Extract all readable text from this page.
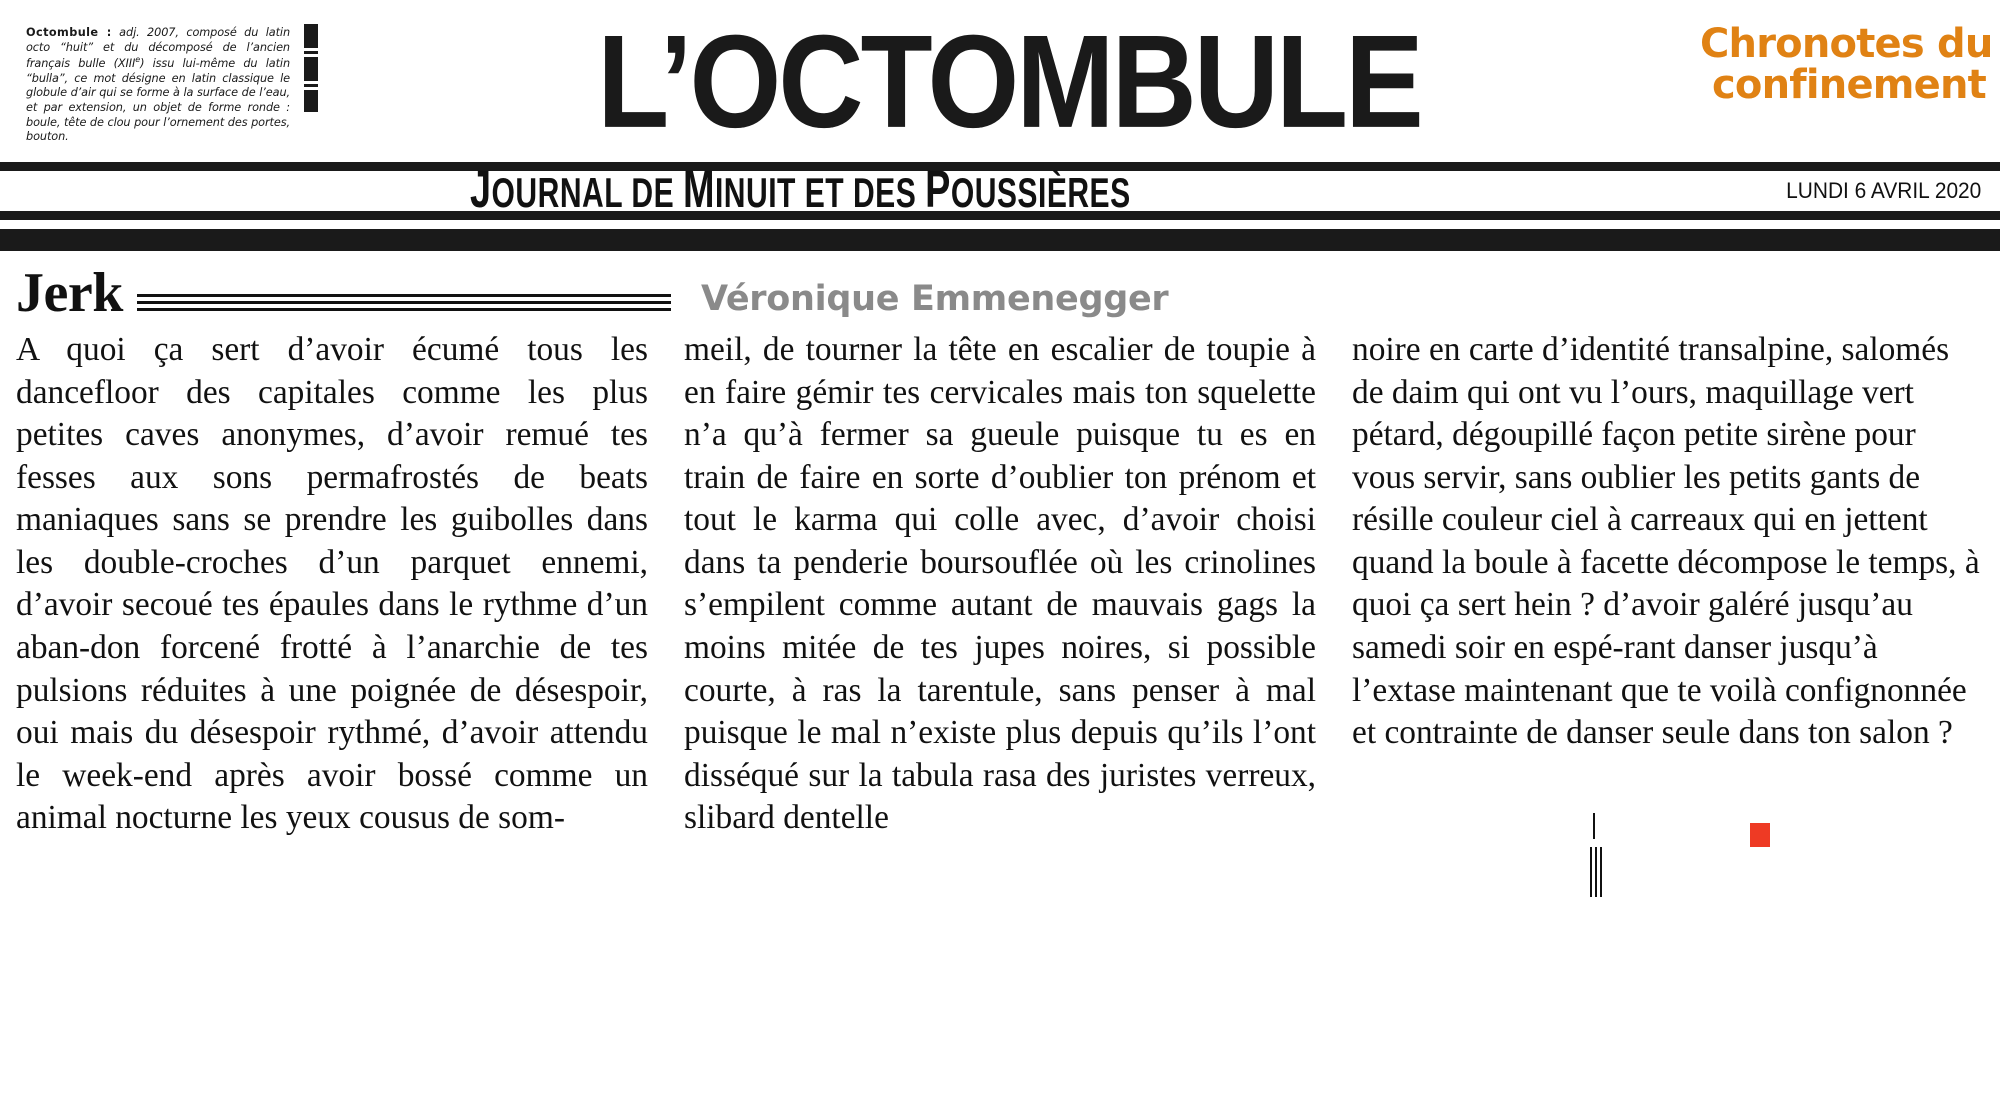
Octombule : adj. 2007, composé du latin octo “huit” et du décomposé de l’ancien français bulle (XIIIe) issu lui-même du latin “bulla”, ce mot désigne en latin classique le globule d’air qui se forme à la surface de l’eau, et par extension, un objet de forme ronde : boule, tête de clou pour l’ornement des portes, bouton.	L’OCTOMBULE	Chronotes du
confinement
JOURNAL DE MINUIT ET DES POUSSIÈRES	LUNDI 6 AVRIL 2020
Jerk	Véronique Emmenegger

A quoi ça sert d’avoir écumé tous les dancefloor des capitales comme les plus petites caves anonymes, d’avoir remué tes fesses aux sons permafrostés de beats maniaques sans se prendre les guibolles dans les double-croches d’un parquet ennemi, d’avoir secoué tes épaules dans le rythme d’un aban-don forcené frotté à l’anarchie de tes pulsions réduites à une poignée de désespoir, oui mais du désespoir rythmé, d’avoir attendu le week-end après avoir bossé comme un animal nocturne les yeux cousus de som-

meil, de tourner la tête en escalier de toupie à en faire gémir tes cervicales mais ton squelette n’a qu’à fermer sa gueule puisque tu es en train de faire en sorte d’oublier ton prénom et tout le karma qui colle avec, d’avoir choisi dans ta penderie boursouflée où les crinolines s’empilent comme autant de mauvais gags la moins mitée de tes jupes noires, si possible courte, à ras la tarentule, sans penser à mal puisque le mal n’existe plus depuis qu’ils l’ont disséqué sur la tabula rasa des juristes verreux, slibard dentelle

noire en carte d’identité transalpine, salomés de daim qui ont vu l’ours, maquillage vert pétard, dégoupillé façon petite sirène pour vous servir, sans oublier les petits gants de résille couleur ciel à carreaux qui en jettent quand la boule à facette décompose le temps, à quoi ça sert hein ? d’avoir galéré jusqu’au samedi soir en espé-rant danser jusqu’à l’extase maintenant que te voilà confignonnée et contrainte de danser seule dans ton salon ?
